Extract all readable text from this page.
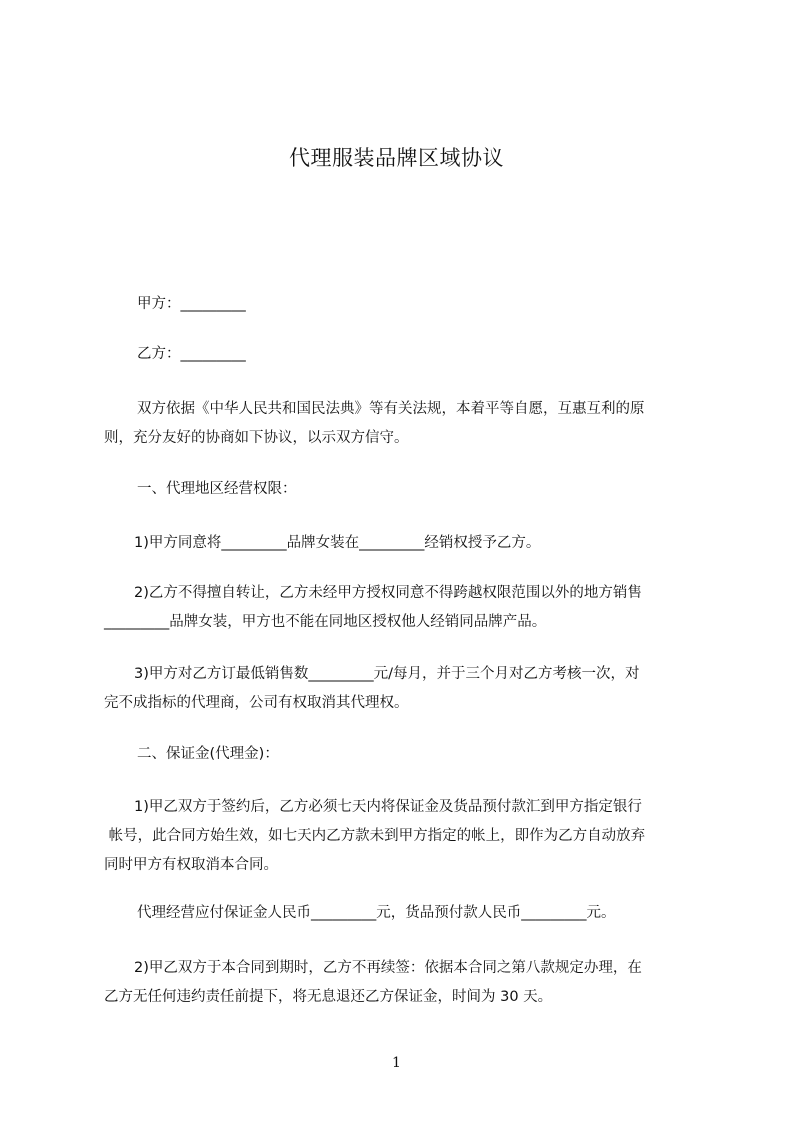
代理服装品牌区域协议

甲方：_________

乙方：_________

双方依据《中华人民共和国民法典》等有关法规，本着平等自愿，互惠互利的原
则，充分友好的协商如下协议，以示双方信守。

一、代理地区经营权限：

1)甲方同意将_________品牌女装在_________经销权授予乙方。

2)乙方不得擅自转让，乙方未经甲方授权同意不得跨越权限范围以外的地方销售
_________品牌女装，甲方也不能在同地区授权他人经销同品牌产品。

3)甲方对乙方订最低销售数_________元/每月，并于三个月对乙方考核一次，对
完不成指标的代理商，公司有权取消其代理权。

二、保证金(代理金)：

1)甲乙双方于签约后，乙方必须七天内将保证金及货品预付款汇到甲方指定银行
帐号，此合同方始生效，如七天内乙方款未到甲方指定的帐上，即作为乙方自动放弃
同时甲方有权取消本合同。

代理经营应付保证金人民币_________元，货品预付款人民币_________元。

2)甲乙双方于本合同到期时，乙方不再续签：依据本合同之第八款规定办理，在
乙方无任何违约责任前提下，将无息退还乙方保证金，时间为 30 天。

1
